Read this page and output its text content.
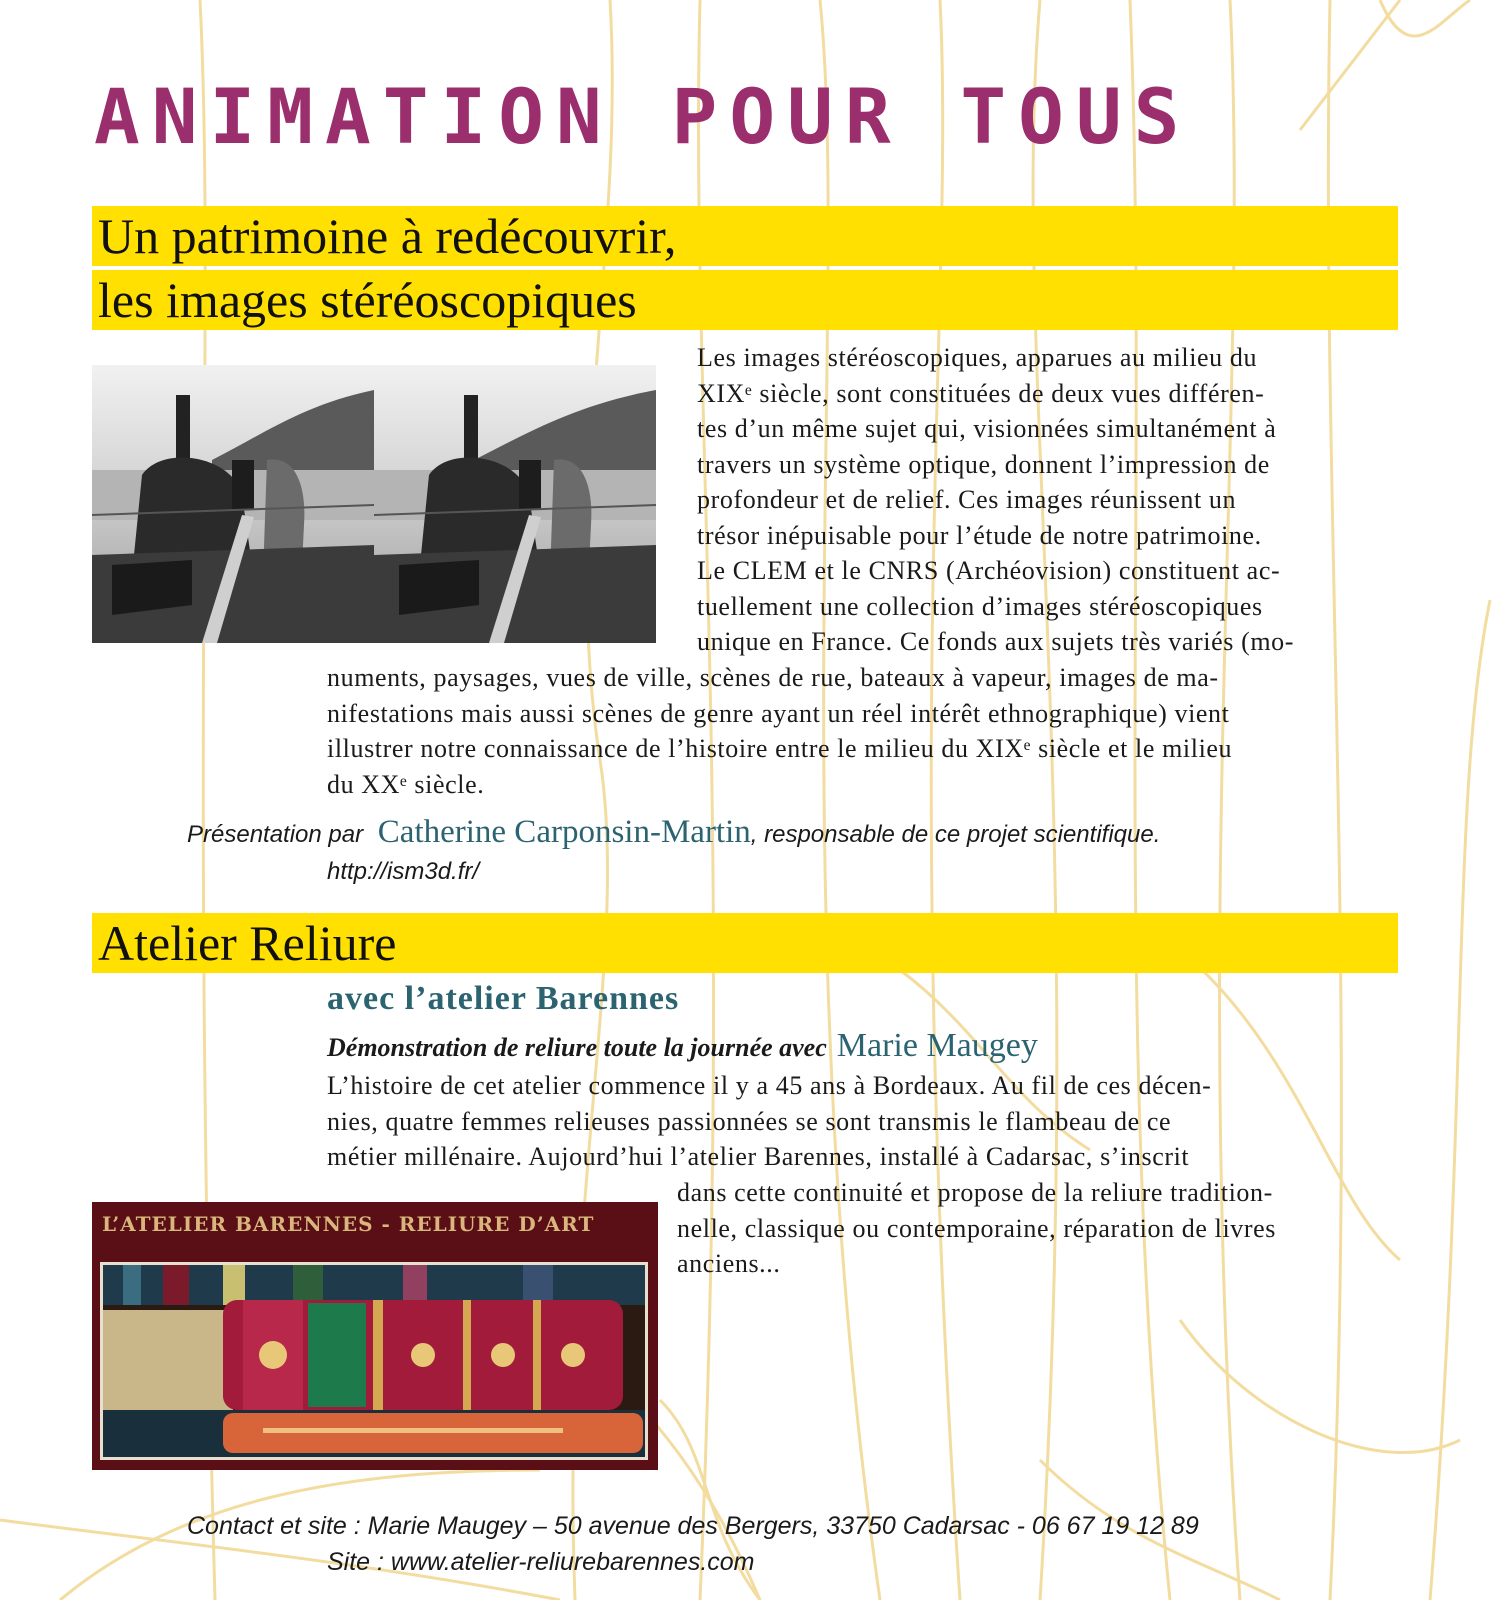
ANIMATION POUR TOUS
Un patrimoine à redécouvrir,
les images stéréoscopiques
Les images stéréoscopiques, apparues au milieu du
XIXᵉ siècle, sont constituées de deux vues différen-
tes d’un même sujet qui, visionnées simultanément à
travers un système optique, donnent l’impression de
profondeur et de relief. Ces images réunissent un
trésor inépuisable pour l’étude de notre patrimoine.
Le CLEM et le CNRS (Archéovision) constituent ac-
tuellement une collection d’images stéréoscopiques
unique en France. Ce fonds aux sujets très variés (mo-
numents, paysages, vues de ville, scènes de rue, bateaux à vapeur, images de ma-
nifestations mais aussi scènes de genre ayant un réel intérêt ethnographique) vient
illustrer notre connaissance de l’histoire entre le milieu du XIXᵉ siècle et le milieu
du XXᵉ siècle.
Présentation par Catherine Carponsin-Martin, responsable de ce projet scientifique.
http://ism3d.fr/
Atelier Reliure
avec l’atelier Barennes
Démonstration de reliure toute la journée avec Marie Maugey
L’histoire de cet atelier commence il y a 45 ans à Bordeaux. Au fil de ces décen-
nies, quatre femmes relieuses passionnées se sont transmis le flambeau de ce
métier millénaire. Aujourd’hui l’atelier Barennes, installé à Cadarsac, s’inscrit
dans cette continuité et propose de la reliure tradition-
nelle, classique ou contemporaine, réparation de livres
anciens...
L’ATELIER BARENNES - RELIURE D’ART
Contact et site : Marie Maugey – 50 avenue des Bergers, 33750 Cadarsac - 06 67 19 12 89
Site : www.atelier-reliurebarennes.com
